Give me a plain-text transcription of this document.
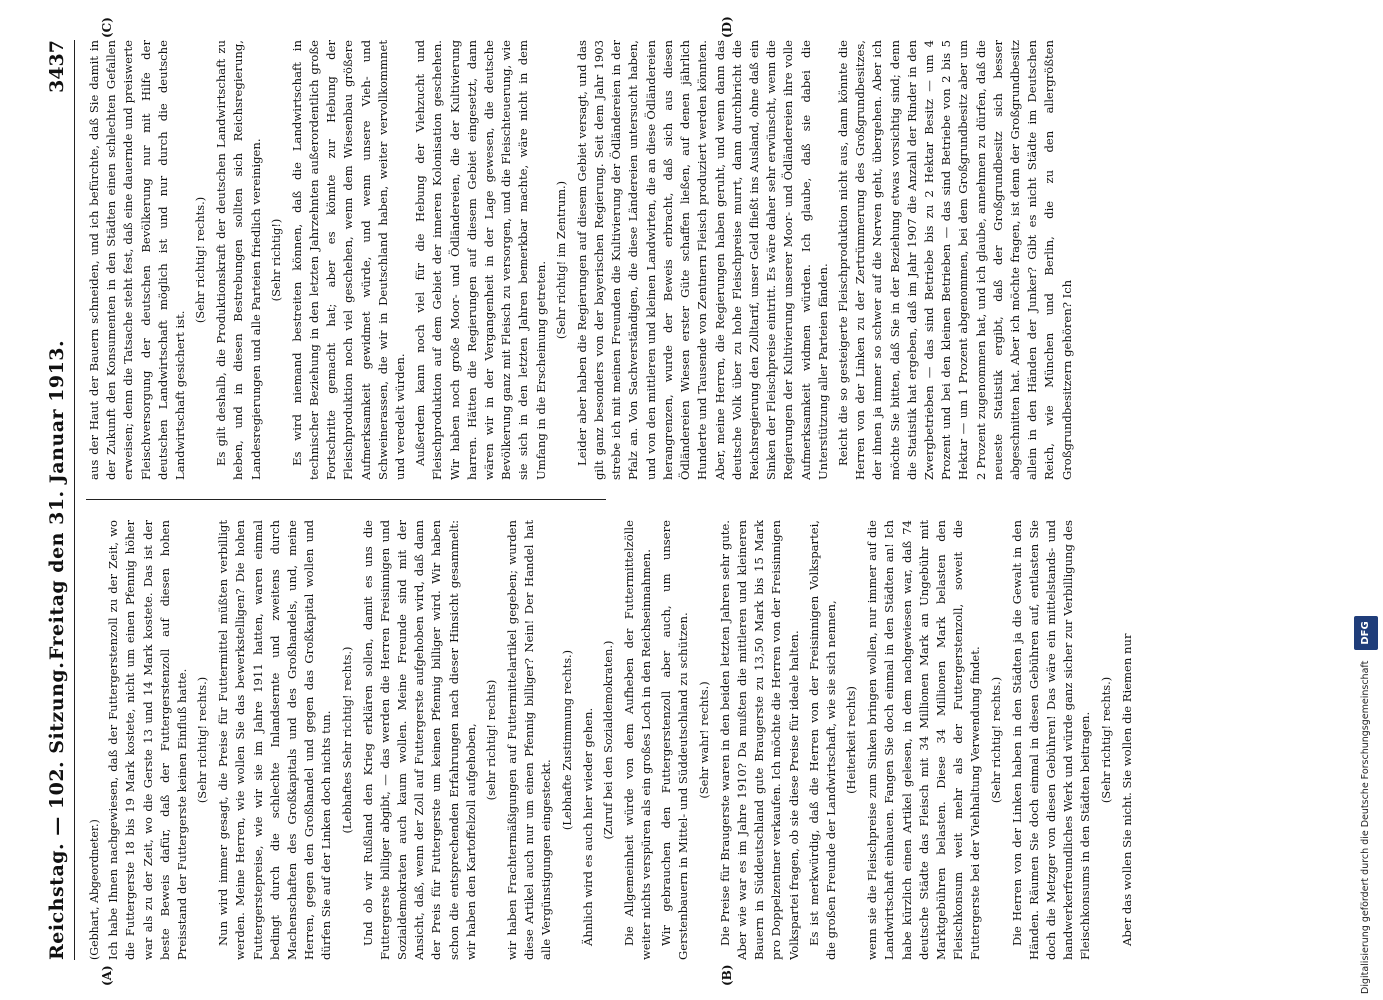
Reichstag. — 102. Sitzung.
Freitag den 31. Januar 1913.
3437
(A)	(B)
(C)	(D)

(Gebhart, Abgeordneter.) Ich habe Ihnen nachgewiesen, daß der Futtergerstenzoll zu der Zeit, wo die Futtergerste 18 bis 19 Mark kostete, nicht um einen Pfennig höher war als zu der Zeit, wo die Gerste 13 und 14 Mark kostete. Das ist der beste Beweis dafür, daß der Futtergerstenzoll auf diesen hohen Preisstand der Futtergerste keinen Einfluß hatte. (Sehr richtig! rechts.) Nun wird immer gesagt, die Preise für Futtermittel müßten verbilligt werden. Meine Herren, wie wollen Sie das bewerkstelligen? Die hohen Futtergerstepreise, wie wir sie im Jahre 1911 hatten, waren einmal bedingt durch die schlechte Inlandsernte und zweitens durch Machenschaften des Großkapitals und des Großhandels, und, meine Herren, gegen den Großhandel und gegen das Großkapital wollen und dürfen Sie auf der Linken doch nichts tun. (Lebhaftes Sehr richtig! rechts.) Und ob wir Rußland den Krieg erklären sollen, damit es uns die Futtergerste billiger abgibt, — das werden die Herren Freisinnigen und Sozialdemokraten auch kaum wollen. Meine Freunde sind mit der Ansicht, daß, wenn der Zoll auf Futtergerste aufgehoben wird, daß dann der Preis für Futtergerste um keinen Pfennig billiger wird. Wir haben schon die entsprechenden Erfahrungen nach dieser Hinsicht gesammelt: wir haben den Kartoffelzoll aufgehoben, (sehr richtig! rechts) wir haben Frachtermäßigungen auf Futtermittelartikel gegeben; wurden diese Artikel auch nur um einen Pfennig billiger? Nein! Der Handel hat alle Vergünstigungen eingesteckt.

(Lebhafte Zustimmung rechts.) Ähnlich wird es auch hier wieder gehen. (Zuruf bei den Sozialdemokraten.) Die Allgemeinheit würde von dem Aufheben der Futtermittelzölle weiter nichts verspüren als ein großes Loch in den Reichseinnahmen. Wir gebrauchen den Futtergerstenzoll aber auch, um unsere Gerstenbauern in Mittel- und Süddeutschland zu schützen. (Sehr wahr! rechts.) Die Preise für Braugerste waren in den beiden letzten Jahren sehr gute. Aber wie war es im Jahre 1910? Da mußten die mittleren und kleineren Bauern in Süddeutschland gute Braugerste zu 13,50 Mark bis 15 Mark pro Doppelzentner verkaufen. Ich möchte die Herren von der Freisinnigen Volkspartei fragen, ob sie diese Preise für ideale halten. Es ist merkwürdig, daß die Herren von der Freisinnigen Volkspartei, die großen Freunde der Landwirtschaft, wie sie sich nennen, (Heiterkeit rechts) wenn sie die Fleischpreise zum Sinken bringen wollen, nur immer auf die Landwirtschaft einhauen. Fangen Sie doch einmal in den Städten an! Ich habe kürzlich einen Artikel gelesen, in dem nachgewiesen war, daß 74 deutsche Städte das Fleisch mit 34 Millionen Mark an Ungebühr mit Marktgebühren belasten. Diese 34 Millionen Mark belasten den Fleischkonsum weit mehr als der Futtergerstenzoll, soweit die Futtergerste bei der Viehhaltung Verwendung findet. (Sehr richtig! rechts.) Die Herren von der Linken haben in den Städten ja die Gewalt in den Händen. Räumen Sie doch einmal in diesen Gebühren auf, entlasten Sie doch die Metzger von diesen Gebühren! Das wäre ein mittelstands- und handwerkerfreundliches Werk und würde ganz sicher zur Verbilligung des Fleischkonsums in den Städten beitragen. (Sehr richtig! rechts.) Aber das wollen Sie nicht. Sie wollen die Riemen nur

aus der Haut der Bauern schneiden, und ich befürchte, daß Sie damit in der Zukunft den Konsumenten in den Städten einen schlechten Gefallen erweisen; denn die Tatsache steht fest, daß eine dauernde und preiswerte Fleischversorgung der deutschen Bevölkerung nur mit Hilfe der deutschen Landwirtschaft möglich ist und nur durch die deutsche Landwirtschaft gesichert ist.

(Sehr richtig! rechts.) Es gilt deshalb, die Produktionskraft der deutschen Landwirtschaft zu heben, und in diesen Bestrebungen sollten sich Reichsregierung, Landesregierungen und alle Parteien friedlich vereinigen. (Sehr richtig!) Es wird niemand bestreiten können, daß die Landwirtschaft in technischer Beziehung in den letzten Jahrzehnten außerordentlich große Fortschritte gemacht hat; aber es könnte zur Hebung der Fleischproduktion noch viel geschehen, wenn dem Wiesenbau größere Aufmerksamkeit gewidmet würde, und wenn unsere Vieh- und Schweinerassen, die wir in Deutschland haben, weiter vervollkommnet und veredelt würden. Außerdem kann noch viel für die Hebung der Viehzucht und Fleischproduktion auf dem Gebiet der inneren Kolonisation geschehen. Wir haben noch große Moor- und Ödländereien, die der Kultivierung harren. Hätten die Regierungen auf diesem Gebiet eingesetzt, dann wären wir in der Vergangenheit in der Lage gewesen, die deutsche Bevölkerung ganz mit Fleisch zu versorgen, und die Fleischteuerung, wie sie sich in den letzten Jahren bemerkbar machte, wäre nicht in dem Umfang in die Erscheinung getreten.

(Sehr richtig! im Zentrum.) Leider aber haben die Regierungen auf diesem Gebiet versagt, und das gilt ganz besonders von der bayerischen Regierung. Seit dem Jahr 1903 strebe ich mit meinen Freunden die Kultivierung der Ödländereien in der Pfalz an. Von Sachverständigen, die diese Ländereien untersucht haben, und von den mittleren und kleinen Landwirten, die an diese Ödländereien herangrenzen, wurde der Beweis erbracht, daß sich aus diesen Ödländereien Wiesen erster Güte schaffen ließen, auf denen jährlich Hunderte und Tausende von Zentnern Fleisch produziert werden könnten. Aber, meine Herren, die Regierungen haben geruht, und wenn dann das deutsche Volk über zu hohe Fleischpreise murrt, dann durchbricht die Reichsregierung den Zolltarif, unser Geld fließt ins Ausland, ohne daß ein Sinken der Fleischpreise eintritt. Es wäre daher sehr erwünscht, wenn die Regierungen der Kultivierung unserer Moor- und Ödländereien ihre volle Aufmerksamkeit widmen würden. Ich glaube, daß sie dabei die Unterstützung aller Parteien fänden. Reicht die so gesteigerte Fleischproduktion nicht aus, dann könnte die Herren von der Linken zu der Zertrümmerung des Großgrundbesitzes, der ihnen ja immer so schwer auf die Nerven geht, übergehen. Aber ich möchte Sie bitten, daß Sie in der Beziehung etwas vorsichtig sind; denn die Statistik hat ergeben, daß im Jahr 1907 die Anzahl der Rinder in den Zwergbetrieben — das sind Betriebe bis zu 2 Hektar Besitz — um 4 Prozent und bei den kleinen Betrieben — das sind Betriebe von 2 bis 5 Hektar — um 1 Prozent abgenommen, bei dem Großgrundbesitz aber um 2 Prozent zugenommen hat, und ich glaube, annehmen zu dürfen, daß die neueste Statistik ergibt, daß der Großgrundbesitz sich besser abgeschnitten hat. Aber ich möchte fragen, ist denn der Großgrundbesitz allein in den Händen der Junker? Gibt es nicht Städte im Deutschen Reich, wie München und Berlin, die zu den allergrößten Großgrundbesitzern gehören? Ich

Digitalisierung gefördert durch die Deutsche Forschungsgemeinschaft DFG
